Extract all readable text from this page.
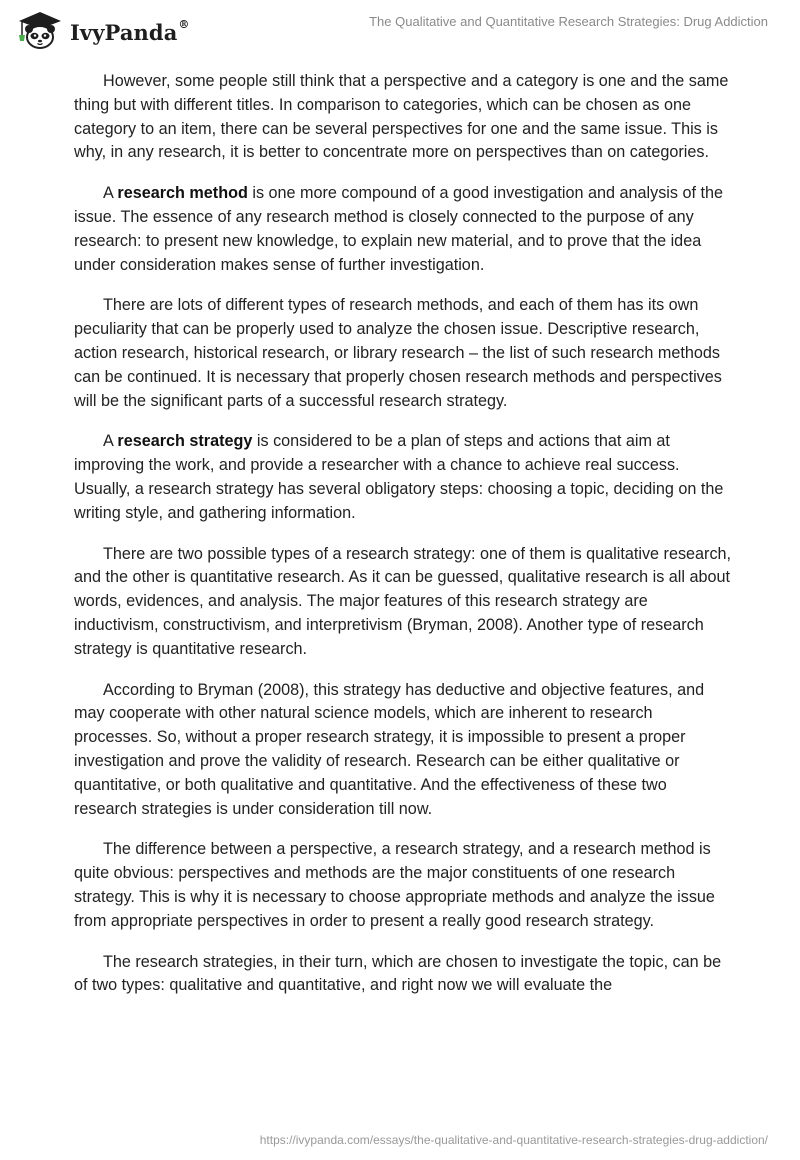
IvyPanda®	The Qualitative and Quantitative Research Strategies: Drug Addiction

However, some people still think that a perspective and a category is one and the same thing but with different titles. In comparison to categories, which can be chosen as one category to an item, there can be several perspectives for one and the same issue. This is why, in any research, it is better to concentrate more on perspectives than on categories.

A research method is one more compound of a good investigation and analysis of the issue. The essence of any research method is closely connected to the purpose of any research: to present new knowledge, to explain new material, and to prove that the idea under consideration makes sense of further investigation.

There are lots of different types of research methods, and each of them has its own peculiarity that can be properly used to analyze the chosen issue. Descriptive research, action research, historical research, or library research – the list of such research methods can be continued. It is necessary that properly chosen research methods and perspectives will be the significant parts of a successful research strategy.

A research strategy is considered to be a plan of steps and actions that aim at improving the work, and provide a researcher with a chance to achieve real success. Usually, a research strategy has several obligatory steps: choosing a topic, deciding on the writing style, and gathering information.

There are two possible types of a research strategy: one of them is qualitative research, and the other is quantitative research. As it can be guessed, qualitative research is all about words, evidences, and analysis. The major features of this research strategy are inductivism, constructivism, and interpretivism (Bryman, 2008). Another type of research strategy is quantitative research.

According to Bryman (2008), this strategy has deductive and objective features, and may cooperate with other natural science models, which are inherent to research processes. So, without a proper research strategy, it is impossible to present a proper investigation and prove the validity of research. Research can be either qualitative or quantitative, or both qualitative and quantitative. And the effectiveness of these two research strategies is under consideration till now.

The difference between a perspective, a research strategy, and a research method is quite obvious: perspectives and methods are the major constituents of one research strategy. This is why it is necessary to choose appropriate methods and analyze the issue from appropriate perspectives in order to present a really good research strategy.

The research strategies, in their turn, which are chosen to investigate the topic, can be of two types: qualitative and quantitative, and right now we will evaluate the

https://ivypanda.com/essays/the-qualitative-and-quantitative-research-strategies-drug-addiction/
